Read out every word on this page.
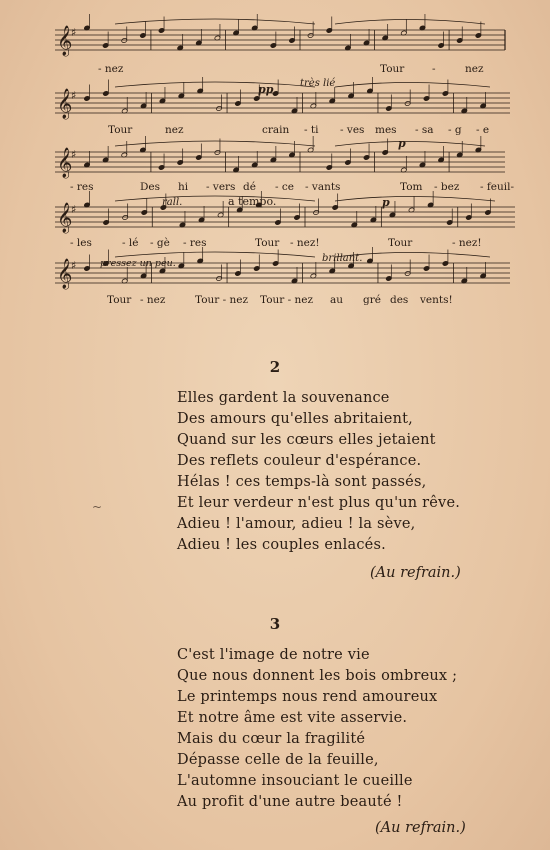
𝄞
♯
- nez	Tour	-	nez
𝄞
♯
Tour	nez	crain - ti - ves mes - sa - g - e
𝄞
♯
- res	Des hi - vers dé - ce - vants	Tom - bez - feuil-
𝄞
♯
- les	- lé - gè - res	Tour - nez!	Tour	- nez!
𝄞
♯
Tour - nez	Tour - nez Tour - nez au gré des vents!
pp	très lié
p
rall.	a tempo.	p
pressez un peu.	brillant.

2

Elles gardent la souvenance
Des amours qu'elles abritaient,
Quand sur les cœurs elles jetaient
Des reflets couleur d'espérance.
Hélas ! ces temps-là sont passés,
Et leur verdeur n'est plus qu'un rêve.
Adieu ! l'amour, adieu ! la sève,
Adieu ! les couples enlacés.

(Au refrain.)

3

C'est l'image de notre vie
Que nous donnent les bois ombreux ;
Le printemps nous rend amoureux
Et notre âme est vite asservie.
Mais du cœur la fragilité
Dépasse celle de la feuille,
L'automne insouciant le cueille
Au profit d'une autre beauté !

(Au refrain.)

~
